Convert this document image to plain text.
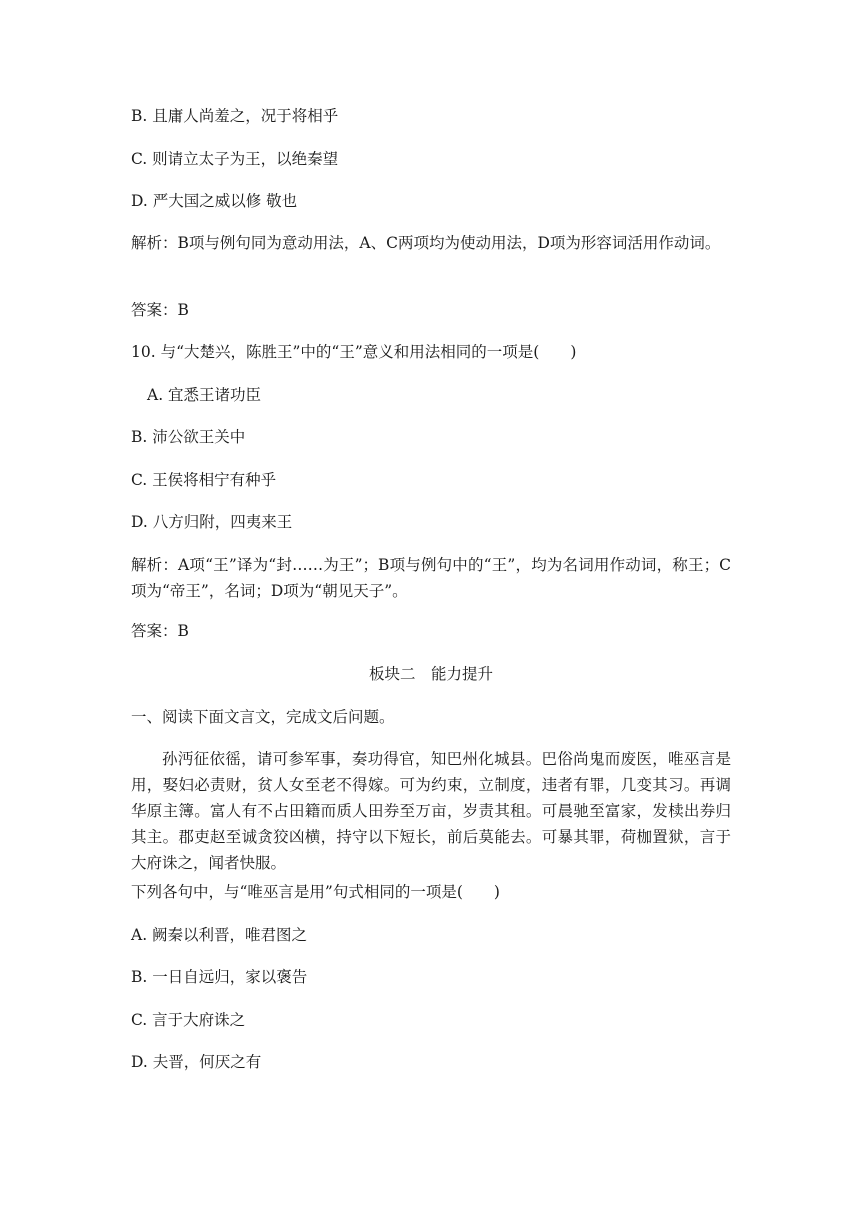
B. 且庸人尚羞之，况于将相乎
C. 则请立太子为王，以绝秦望
D. 严大国之威以修 敬也
解析：B项与例句同为意动用法，A、C两项均为使动用法，D项为形容词活用作动词。
答案：B
10. 与“大楚兴，陈胜王”中的“王”意义和用法相同的一项是(　　)
A. 宜悉王诸功臣
B. 沛公欲王关中
C. 王侯将相宁有种乎
D. 八方归附，四夷来王
解析：A项“王”译为“封……为王”；B项与例句中的“王”，均为名词用作动词，称王；C项为“帝王”，名词；D项为“朝见天子”。
答案：B
板块二　能力提升
一、阅读下面文言文，完成文后问题。
孙沔征依徭，请可参军事，奏功得官，知巴州化城县。巴俗尚鬼而废医，唯巫言是用，娶妇必责财，贫人女至老不得嫁。可为约束，立制度，违者有罪，几变其习。再调华原主簿。富人有不占田籍而质人田券至万亩，岁责其租。可晨驰至富家，发椟出券归其主。郡吏赵至诚贪狡凶横，持守以下短长，前后莫能去。可暴其罪，荷枷置狱，言于大府诛之，闻者快服。
下列各句中，与“唯巫言是用”句式相同的一项是(　　)
A. 阙秦以利晋，唯君图之
B. 一日自远归，家以褒告
C. 言于大府诛之
D. 夫晋，何厌之有
